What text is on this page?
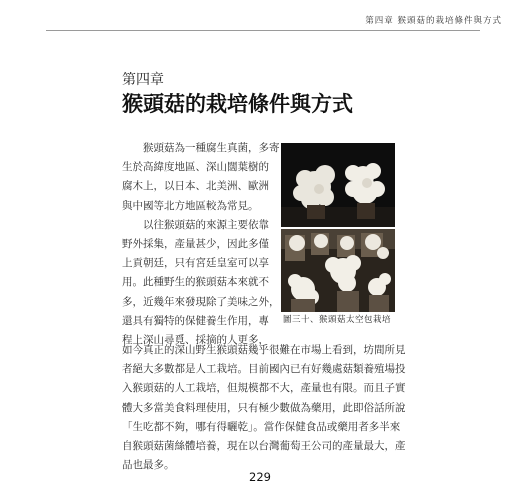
第四章 猴頭菇的栽培條件與方式
第四章
猴頭菇的栽培條件與方式
　　猴頭菇為一種腐生真菌，多寄
生於高緯度地區、深山闊葉樹的
腐木上，以日本、北美洲、歐洲
與中國等北方地區較為常見。
　　以往猴頭菇的來源主要依靠
野外採集，產量甚少，因此多僅
上貢朝廷，只有宮廷皇室可以享
用。此種野生的猴頭菇本來就不
多，近幾年來發現除了美味之外，
還具有獨特的保健養生作用，專
程上深山尋覓、採摘的人更多，
圖三十、猴頭菇太空包栽培
如今真正的深山野生猴頭菇幾乎很難在市場上看到，坊間所見
者絕大多數都是人工栽培。目前國內已有好幾處菇類養殖場投
入猴頭菇的人工栽培，但規模都不大，產量也有限。而且子實
體大多當美食料理使用，只有極少數做為藥用，此即俗話所說
「生吃都不夠，哪有得曬乾」。當作保健食品或藥用者多半來
自猴頭菇菌絲體培養，現在以台灣葡萄王公司的產量最大，產
品也最多。
229
